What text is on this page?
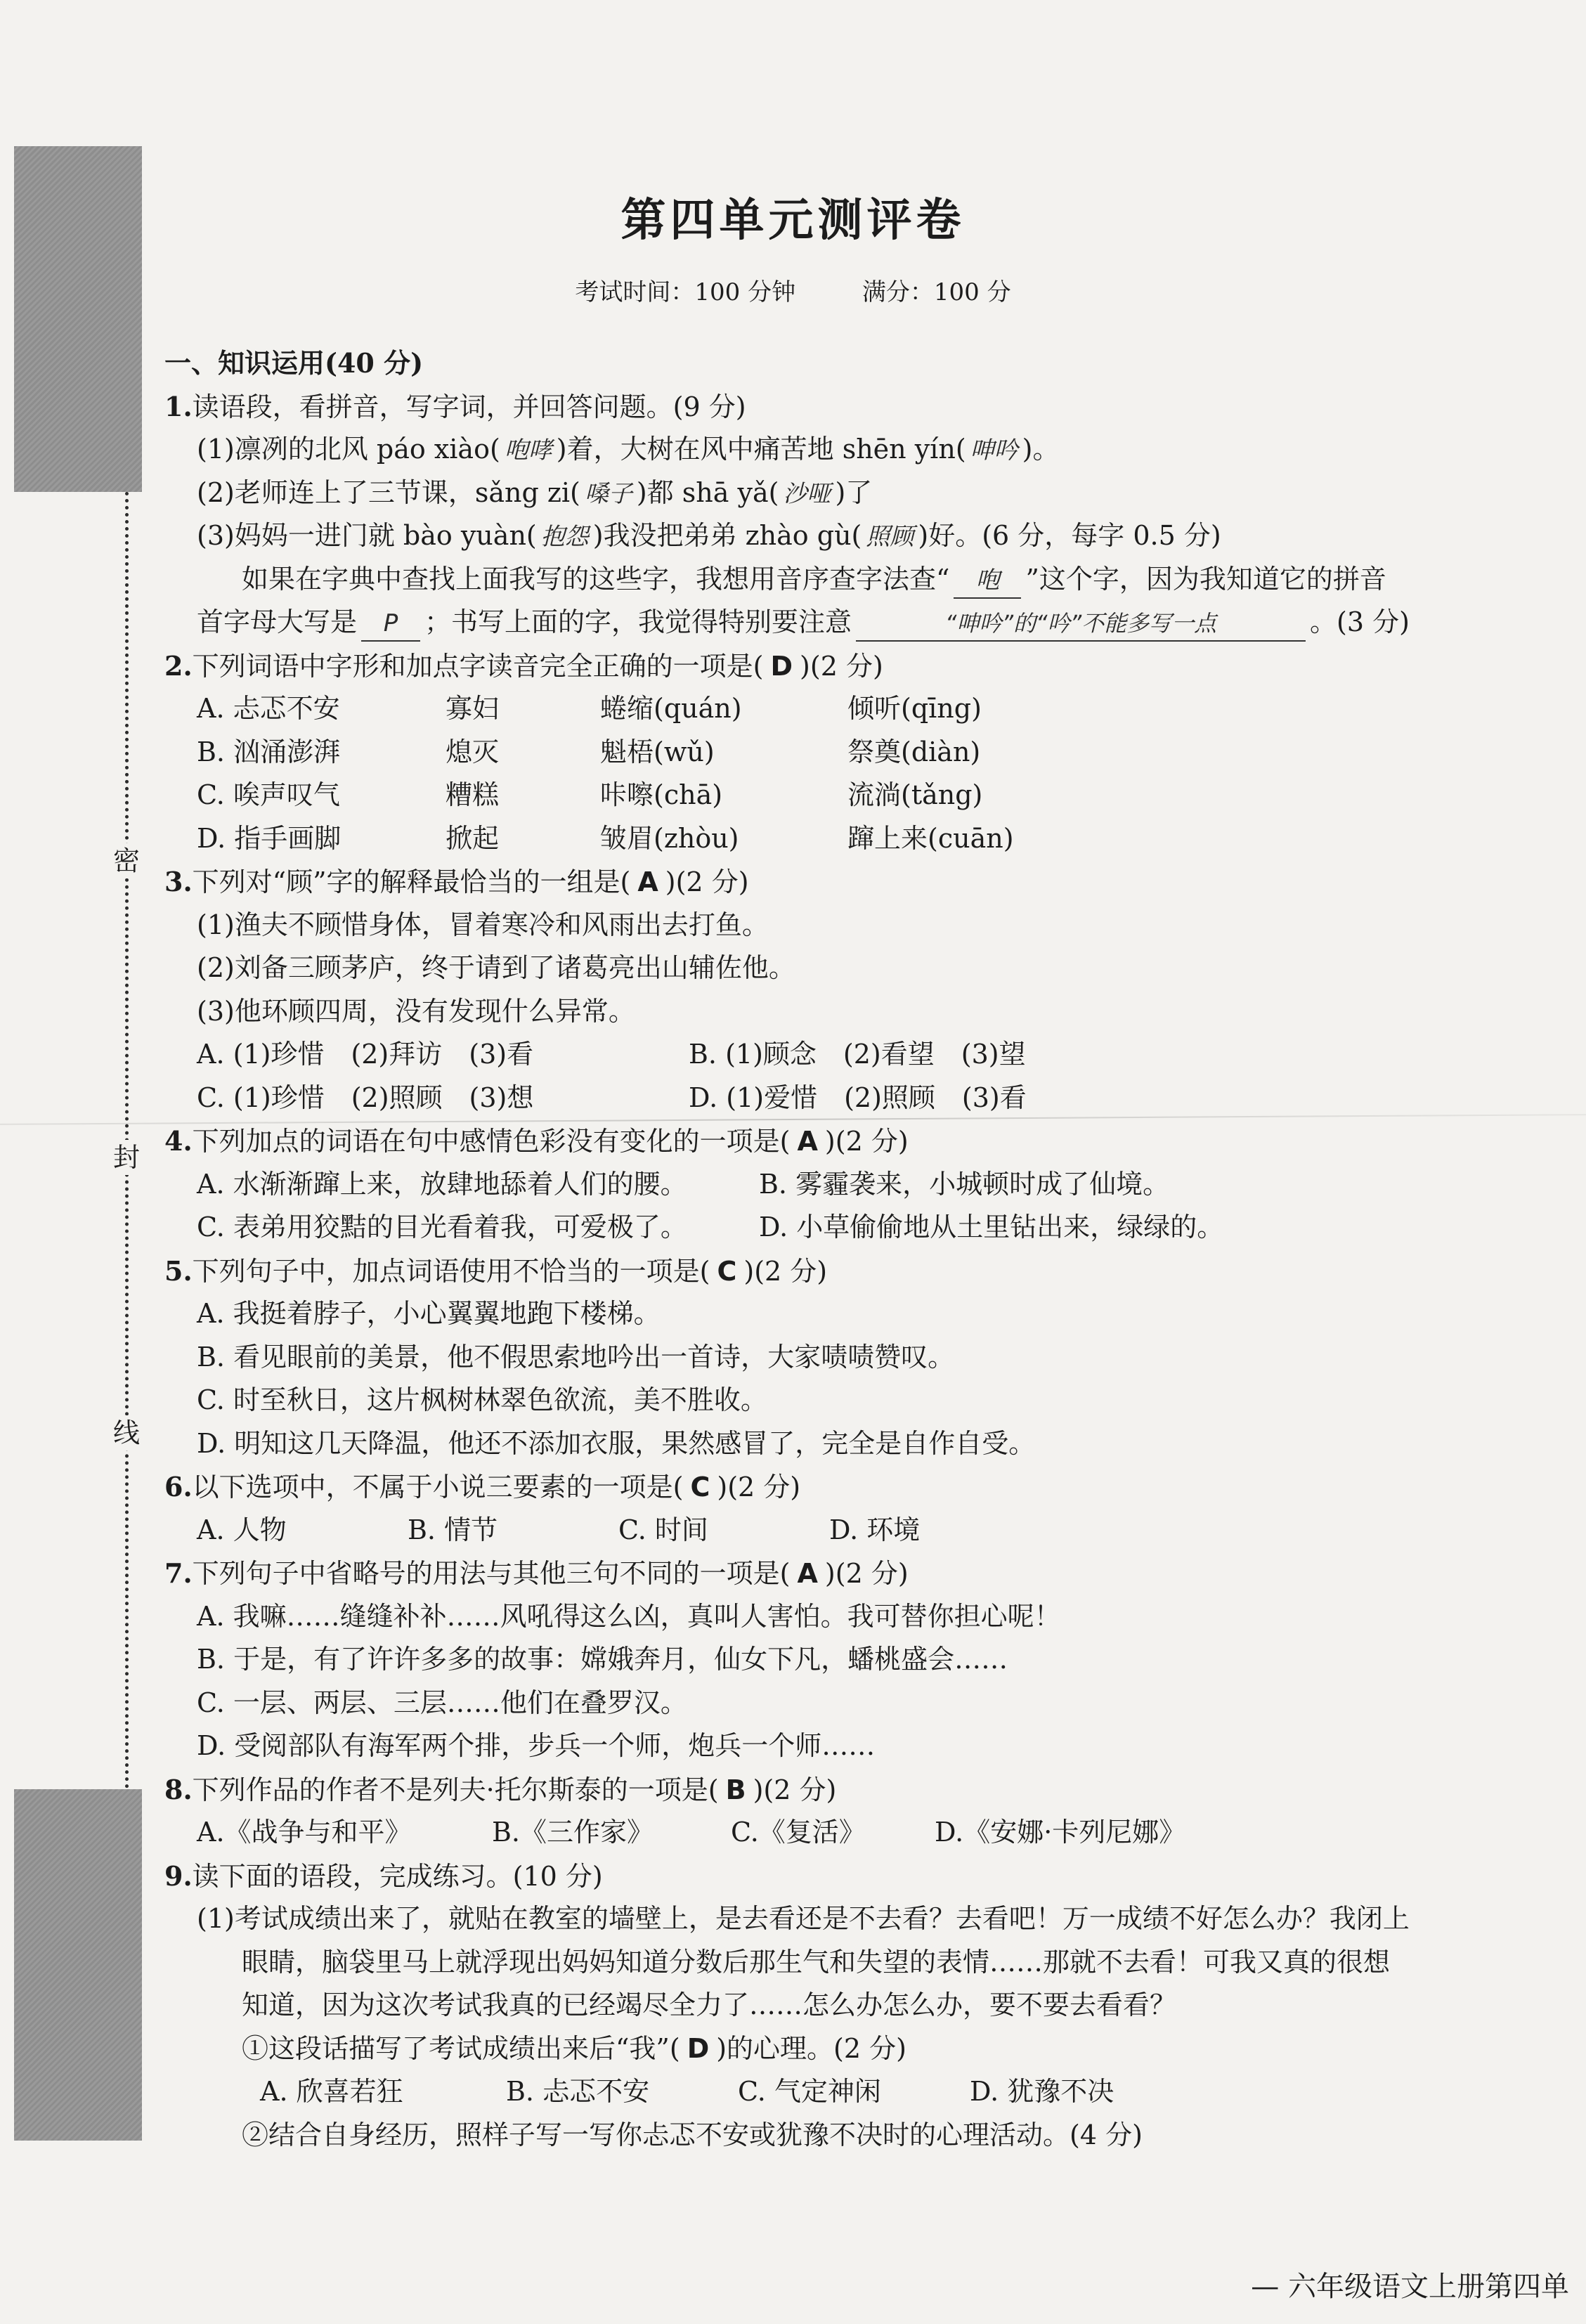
密
封
线
第四单元测评卷
考试时间：100 分钟	满分：100 分
一、知识运用(40 分)
1.读语段，看拼音，写字词，并回答问题。(9 分)
(1)凛冽的北风 páo xiào( 咆哮 )着，大树在风中痛苦地 shēn yín( 呻吟 )。
(2)老师连上了三节课，sǎng zi( 嗓子 )都 shā yǎ( 沙哑 )了
(3)妈妈一进门就 bào yuàn( 抱怨 )我没把弟弟 zhào gù( 照顾 )好。(6 分，每字 0.5 分)
如果在字典中查找上面我写的这些字，我想用音序查字法查“ 咆 ”这个字，因为我知道它的拼音
首字母大写是 P ；书写上面的字，我觉得特别要注意	“呻吟”的“吟”不能多写一点	。(3 分)
2.下列词语中字形和加点字读音完全正确的一项是( D )(2 分)
A. 忐忑不安	寡妇	蜷缩(quán)	倾听(qīng)
B. 汹涌澎湃	熄灭	魁梧(wǔ)	祭奠(diàn)
C. 唉声叹气	糟糕	咔嚓(chā)	流淌(tǎng)
D. 指手画脚	掀起	皱眉(zhòu)	蹿上来(cuān)
3.下列对“顾”字的解释最恰当的一组是( A )(2 分)
(1)渔夫不顾惜身体，冒着寒冷和风雨出去打鱼。
(2)刘备三顾茅庐，终于请到了诸葛亮出山辅佐他。
(3)他环顾四周，没有发现什么异常。
A. (1)珍惜　(2)拜访　(3)看	B. (1)顾念　(2)看望　(3)望
C. (1)珍惜　(2)照顾　(3)想	D. (1)爱惜　(2)照顾　(3)看
4.下列加点的词语在句中感情色彩没有变化的一项是( A )(2 分)
A. 水渐渐蹿上来，放肆地舔着人们的腰。	B. 雾霾袭来，小城顿时成了仙境。
C. 表弟用狡黠的目光看着我，可爱极了。	D. 小草偷偷地从土里钻出来，绿绿的。
5.下列句子中，加点词语使用不恰当的一项是( C )(2 分)
A. 我挺着脖子，小心翼翼地跑下楼梯。
B. 看见眼前的美景，他不假思索地吟出一首诗，大家啧啧赞叹。
C. 时至秋日，这片枫树林翠色欲流，美不胜收。
D. 明知这几天降温，他还不添加衣服，果然感冒了，完全是自作自受。
6.以下选项中，不属于小说三要素的一项是( C )(2 分)
A. 人物	B. 情节	C. 时间	D. 环境
7.下列句子中省略号的用法与其他三句不同的一项是( A )(2 分)
A. 我嘛……缝缝补补……风吼得这么凶，真叫人害怕。我可替你担心呢！
B. 于是，有了许许多多的故事：嫦娥奔月，仙女下凡，蟠桃盛会……
C. 一层、两层、三层……他们在叠罗汉。
D. 受阅部队有海军两个排，步兵一个师，炮兵一个师……
8.下列作品的作者不是列夫·托尔斯泰的一项是( B )(2 分)
A.《战争与和平》	B.《三作家》	C.《复活》	D.《安娜·卡列尼娜》
9.读下面的语段，完成练习。(10 分)
(1)考试成绩出来了，就贴在教室的墙壁上，是去看还是不去看？去看吧！万一成绩不好怎么办？我闭上
眼睛，脑袋里马上就浮现出妈妈知道分数后那生气和失望的表情……那就不去看！可我又真的很想
知道，因为这次考试我真的已经竭尽全力了……怎么办怎么办，要不要去看看？
①这段话描写了考试成绩出来后“我”( D )的心理。(2 分)
A. 欣喜若狂	B. 忐忑不安	C. 气定神闲	D. 犹豫不决
②结合自身经历，照样子写一写你忐忑不安或犹豫不决时的心理活动。(4 分)
— 六年级语文上册第四单
